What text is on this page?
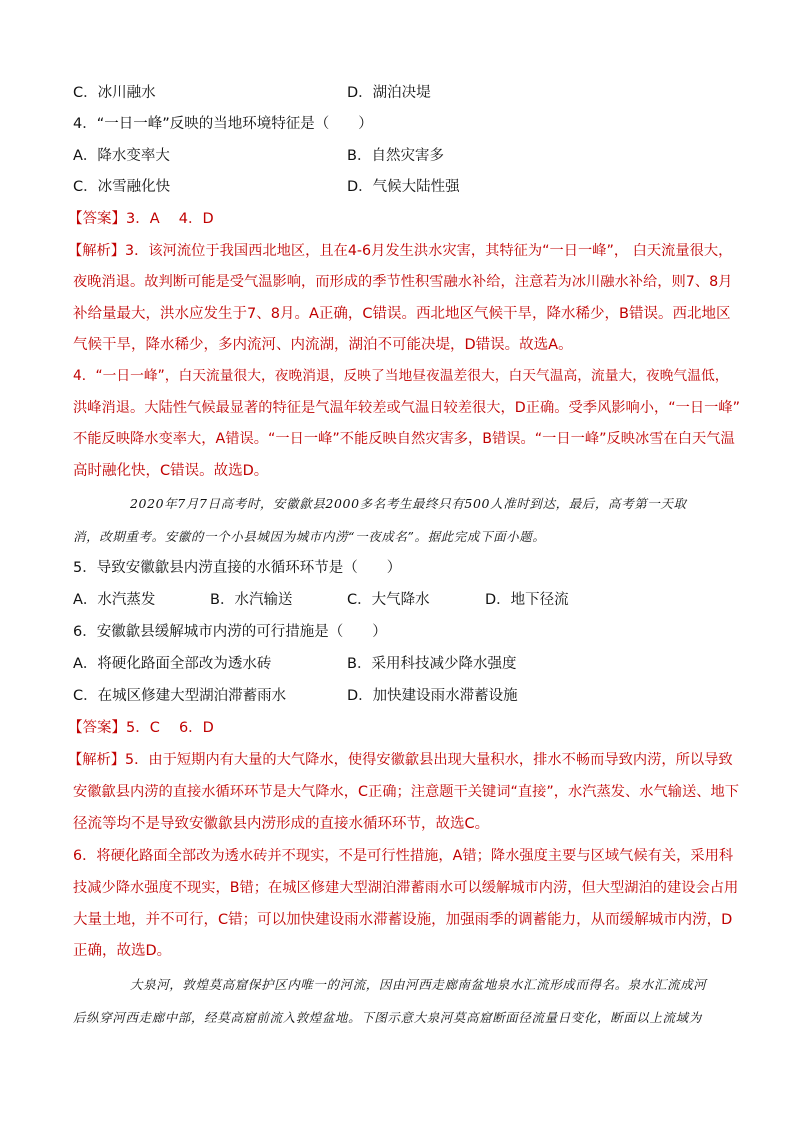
C．冰川融水	D．湖泊决堤
4．“一日一峰”反映的当地环境特征是（　　）
A．降水变率大	B．自然灾害多
C．冰雪融化快	D．气候大陆性强
【答案】3．A　 4．D
【解析】3．该河流位于我国西北地区，且在4-6月发生洪水灾害，其特征为“一日一峰”， 白天流量很大，
夜晚消退。故判断可能是受气温影响，而形成的季节性积雪融水补给，注意若为冰川融水补给，则7、8月
补给量最大，洪水应发生于7、8月。A正确，C错误。西北地区气候干旱，降水稀少，B错误。西北地区
气候干旱，降水稀少，多内流河、内流湖，湖泊不可能决堤，D错误。故选A。
4．“一日一峰”，白天流量很大，夜晚消退，反映了当地昼夜温差很大，白天气温高，流量大，夜晚气温低，
洪峰消退。大陆性气候最显著的特征是气温年较差或气温日较差很大，D正确。受季风影响小，“一日一峰”
不能反映降水变率大，A错误。“一日一峰”不能反映自然灾害多，B错误。“一日一峰”反映冰雪在白天气温
高时融化快，C错误。故选D。
2020年7月7日高考时，安徽歙县2000多名考生最终只有500人准时到达，最后，高考第一天取
消，改期重考。安徽的一个小县城因为城市内涝“一夜成名”。据此完成下面小题。
5．导致安徽歙县内涝直接的水循环环节是（　　）
A．水汽蒸发	B．水汽输送	C．大气降水	D．地下径流
6．安徽歙县缓解城市内涝的可行措施是（　　）
A．将硬化路面全部改为透水砖	B．采用科技减少降水强度
C．在城区修建大型湖泊滞蓄雨水	D．加快建设雨水滞蓄设施
【答案】5．C　 6．D
【解析】5．由于短期内有大量的大气降水，使得安徽歙县出现大量积水，排水不畅而导致内涝，所以导致
安徽歙县内涝的直接水循环环节是大气降水，C正确；注意题干关键词“直接”，水汽蒸发、水气输送、地下
径流等均不是导致安徽歙县内涝形成的直接水循环环节，故选C。
6．将硬化路面全部改为透水砖并不现实，不是可行性措施，A错；降水强度主要与区域气候有关，采用科
技减少降水强度不现实，B错；在城区修建大型湖泊滞蓄雨水可以缓解城市内涝，但大型湖泊的建设会占用
大量土地，并不可行，C错；可以加快建设雨水滞蓄设施，加强雨季的调蓄能力，从而缓解城市内涝，D
正确，故选D。
大泉河，敦煌莫高窟保护区内唯一的河流，因由河西走廊南盆地泉水汇流形成而得名。泉水汇流成河
后纵穿河西走廊中部，经莫高窟前流入敦煌盆地。下图示意大泉河莫高窟断面径流量日变化，断面以上流域为
